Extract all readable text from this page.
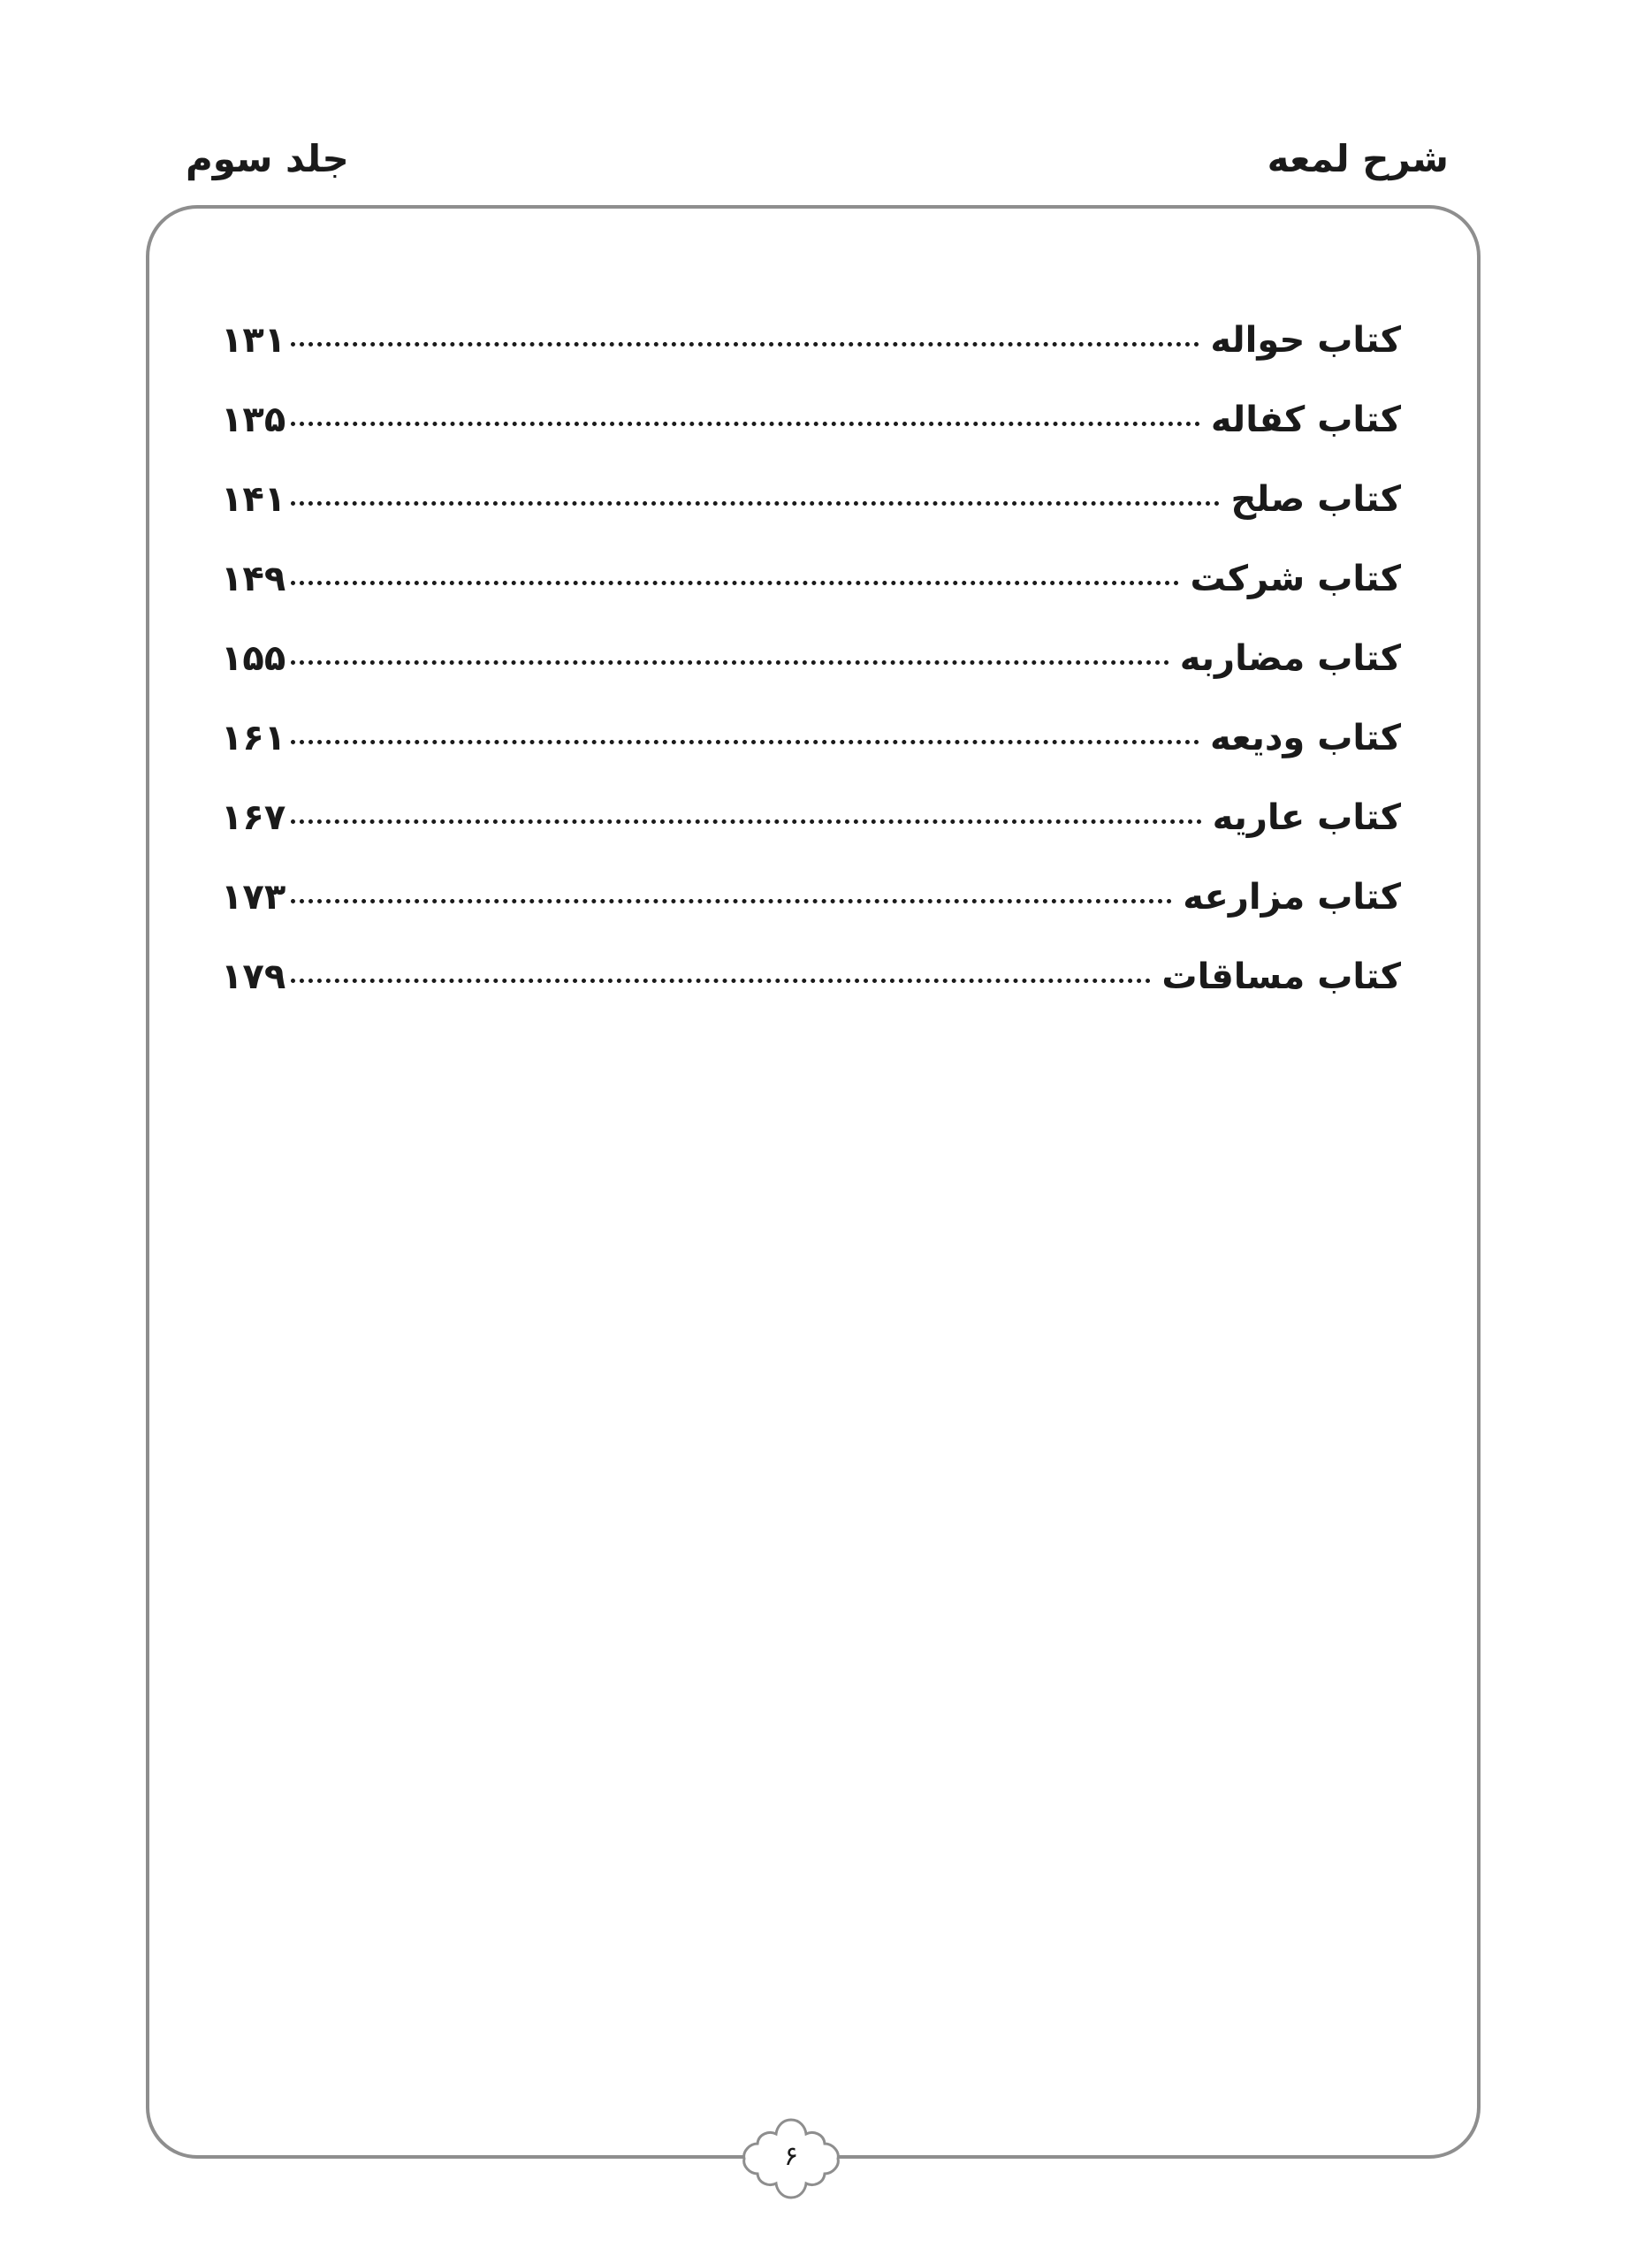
شرح لمعه
جلد سوم
کتاب حواله
۱۳۱
کتاب کفاله
۱۳۵
کتاب صلح
۱۴۱
کتاب شرکت
۱۴۹
کتاب مضاربه
۱۵۵
کتاب ودیعه
۱۶۱
کتاب عاریه
۱۶۷
کتاب مزارعه
۱۷۳
کتاب مساقات
۱۷۹
۶
